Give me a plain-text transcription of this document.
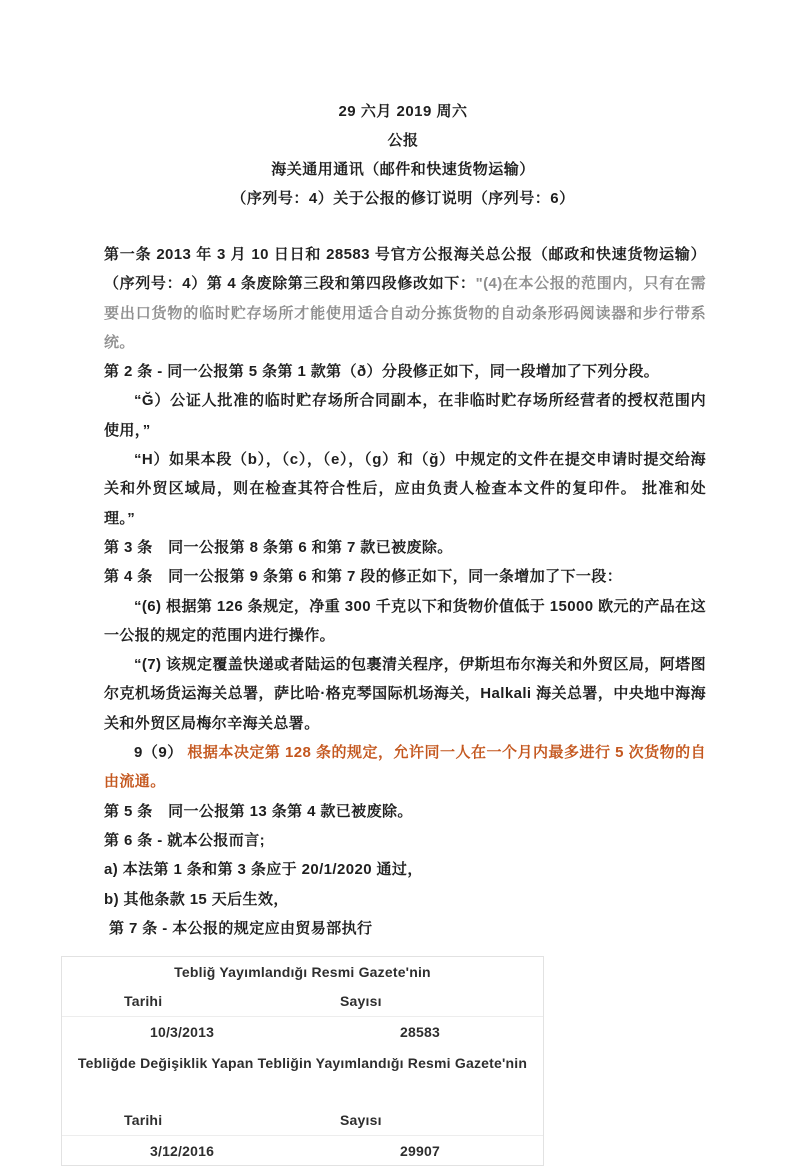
29 六月 2019 周六
公报
海关通用通讯（邮件和快速货物运输）
（序列号：4）关于公报的修订说明（序列号：6）

第一条 2013 年 3 月 10 日日和 28583 号官方公报海关总公报（邮政和快速货物运输）（序列号：4）第 4 条废除第三段和第四段修改如下："(4)在本公报的范围内，只有在需要出口货物的临时贮存场所才能使用适合自动分拣货物的自动条形码阅读器和步行带系统。

第 2 条 - 同一公报第 5 条第 1 款第（ð）分段修正如下，同一段增加了下列分段。

“Ğ）公证人批准的临时贮存场所合同副本，在非临时贮存场所经营者的授权范围内使用，”

“H）如果本段（b），（c），（e），（g）和（ğ）中规定的文件在提交申请时提交给海关和外贸区域局，则在检查其符合性后，应由负责人检查本文件的复印件。 批准和处理。”

第 3 条　同一公报第 8 条第 6 和第 7 款已被废除。

第 4 条　同一公报第 9 条第 6 和第 7 段的修正如下，同一条增加了下一段：

“(6) 根据第 126 条规定，净重 300 千克以下和货物价值低于 15000 欧元的产品在这一公报的规定的范围内进行操作。

“(7) 该规定覆盖快递或者陆运的包裹清关程序，伊斯坦布尔海关和外贸区局，阿塔图尔克机场货运海关总署，萨比哈·格克琴国际机场海关，Halkali 海关总署，中央地中海海关和外贸区局梅尔辛海关总署。

9（9） 根据本决定第 128 条的规定，允许同一人在一个月内最多进行 5 次货物的自由流通。

第 5 条　同一公报第 13 条第 4 款已被废除。

第 6 条 - 就本公报而言;

a) 本法第 1 条和第 3 条应于 20/1/2020 通过，

b) 其他条款 15 天后生效，

第 7 条 - 本公报的规定应由贸易部执行

Tebliğ Yayımlandığı Resmi Gazete'nin
Tarihi	Sayısı
10/3/2013	28583
Tebliğde Değişiklik Yapan Tebliğin Yayımlandığı Resmi Gazete'nin
Tarihi	Sayısı
3/12/2016	29907
